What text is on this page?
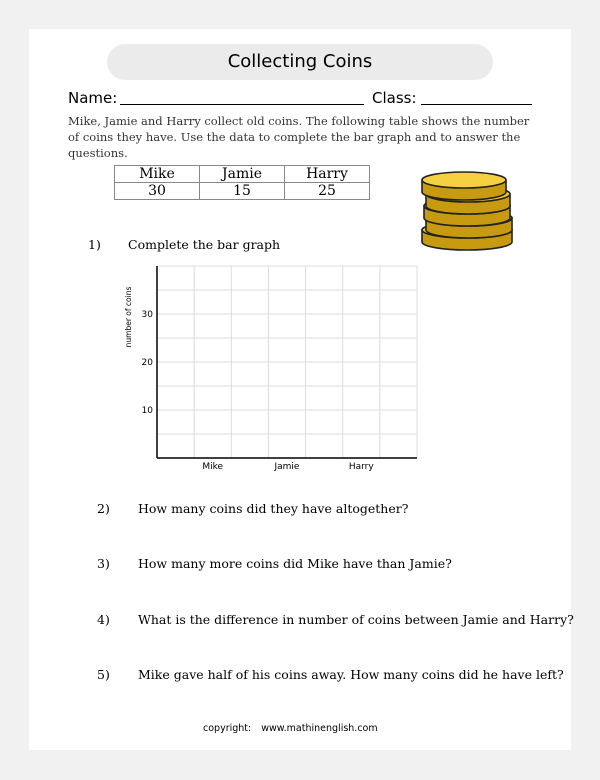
Collecting Coins
Name:	Class:
Mike, Jamie and Harry collect old coins. The following table shows the number
of coins they have. Use the data to complete the bar graph and to answer the questions.
Mike	Jamie	Harry
30	15	25
1) Complete the bar graph
10
20
30
Mike	Jamie	Harry
number of coins
2) How many coins did they have altogether?
3) How many more coins did Mike have than Jamie?
4) What is the difference in number of coins between Jamie and Harry?
5) Mike gave half of his coins away. How many coins did he have left?
copyright: www.mathinenglish.com
